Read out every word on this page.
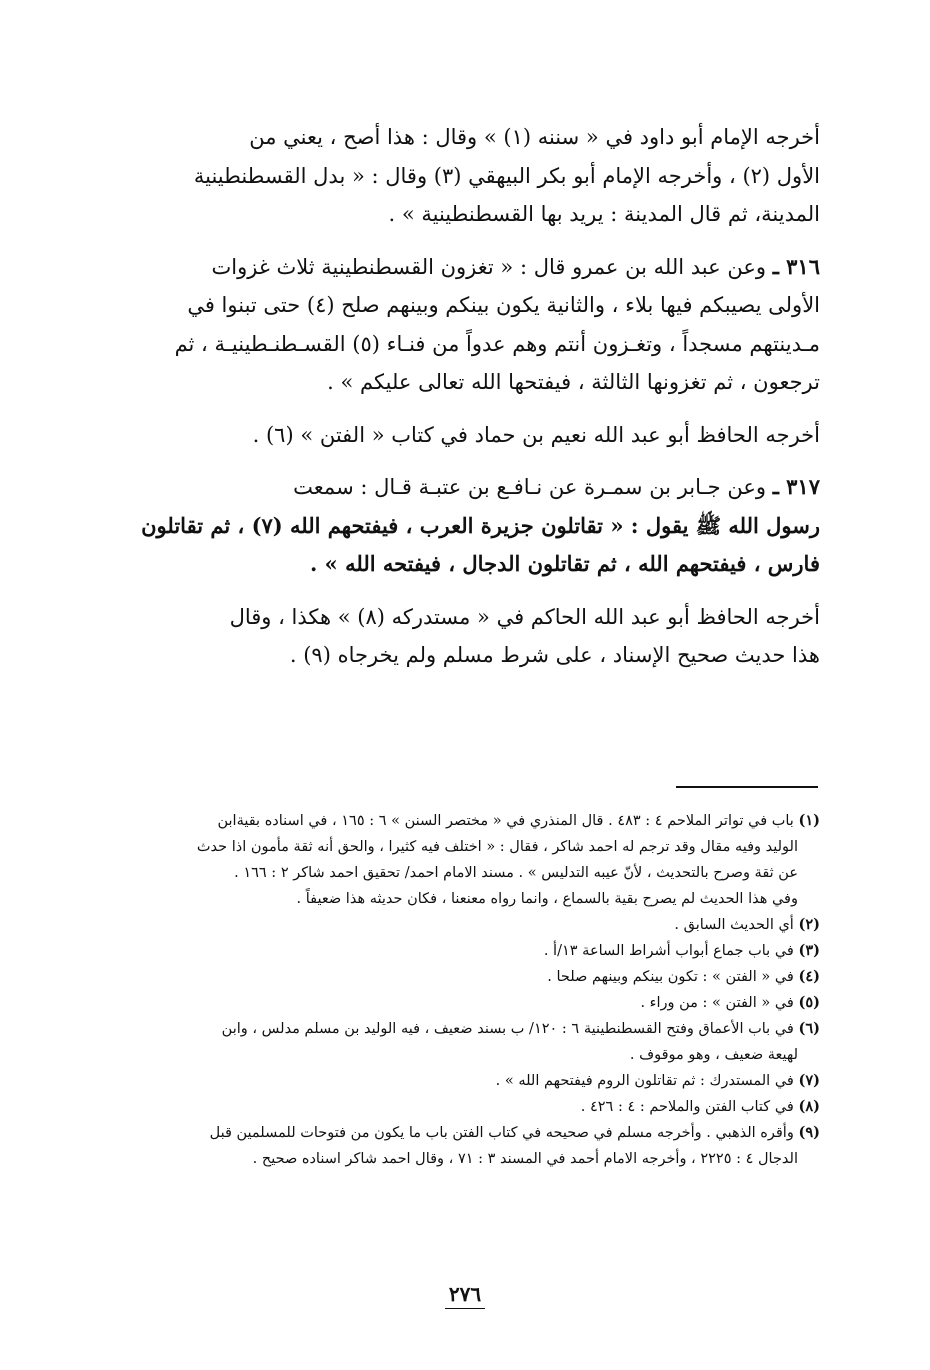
أخرجه الإمام أبو داود في « سننه (١) » وقال : هذا أصح ، يعني من
الأول (٢) ، وأخرجه الإمام أبو بكر البيهقي (٣) وقال : « بدل القسطنطينية
المدينة، ثم قال المدينة : يريد بها القسطنطينية » .

٣١٦ ـ وعن عبد الله بن عمرو قال : « تغزون القسطنطينية ثلاث غزوات
الأولى يصيبكم فيها بلاء ، والثانية يكون بينكم وبينهم صلح (٤) حتى تبنوا في
مـدينتهم مسجداً ، وتغـزون أنتم وهم عدواً من فنـاء (٥) القسـطنـطينيـة ، ثم
ترجعون ، ثم تغزونها الثالثة ، فيفتحها الله تعالى عليكم » .

أخرجه الحافظ أبو عبد الله نعيم بن حماد في كتاب « الفتن » (٦) .

٣١٧ ـ وعن جـابر بن سمـرة عن نـافـع بن عتبـة قـال : سمعت
رسول الله ﷺ يقول : « تقاتلون جزيرة العرب ، فيفتحهم الله (٧) ، ثم تقاتلون
فارس ، فيفتحهم الله ، ثم تقاتلون الدجال ، فيفتحه الله » .

أخرجه الحافظ أبو عبد الله الحاكم في « مستدركه (٨) » هكذا ، وقال
هذا حديث صحيح الإسناد ، على شرط مسلم ولم يخرجاه (٩) .

(١) باب في تواتر الملاحم ٤ : ٤٨٣ . قال المنذري في « مختصر السنن » ٦ : ١٦٥ ، في اسناده بقيةابن
الوليد وفيه مقال وقد ترجم له احمد شاكر ، فقال : « اختلف فيه كثيرا ، والحق أنه ثقة مأمون اذا حدث
عن ثقة وصرح بالتحديث ، لأنّ عيبه التدليس » . مسند الامام احمد/ تحقيق احمد شاكر ٢ : ١٦٦ .
وفي هذا الحديث لم يصرح بقية بالسماع ، وانما رواه معنعنا ، فكان حديثه هذا ضعيفاً .

(٢) أي الحديث السابق .

(٣) في باب جماع أبواب أشراط الساعة ١٣/أ .

(٤) في « الفتن » : تكون بينكم وبينهم صلحا .

(٥) في « الفتن » : من وراء .

(٦) في باب الأعماق وفتح القسطنطينية ٦ : ١٢٠/ ب بسند ضعيف ، فيه الوليد بن مسلم مدلس ، وابن
لهيعة ضعيف ، وهو موقوف .

(٧) في المستدرك : ثم تقاتلون الروم فيفتحهم الله » .

(٨) في كتاب الفتن والملاحم : ٤ : ٤٢٦ .

(٩) وأقره الذهبي . وأخرجه مسلم في صحيحه في كتاب الفتن باب ما يكون من فتوحات للمسلمين قبل
الدجال ٤ : ٢٢٢٥ ، وأخرجه الامام أحمد في المسند ٣ : ٧١ ، وقال احمد شاكر اسناده صحيح .

٢٧٦
